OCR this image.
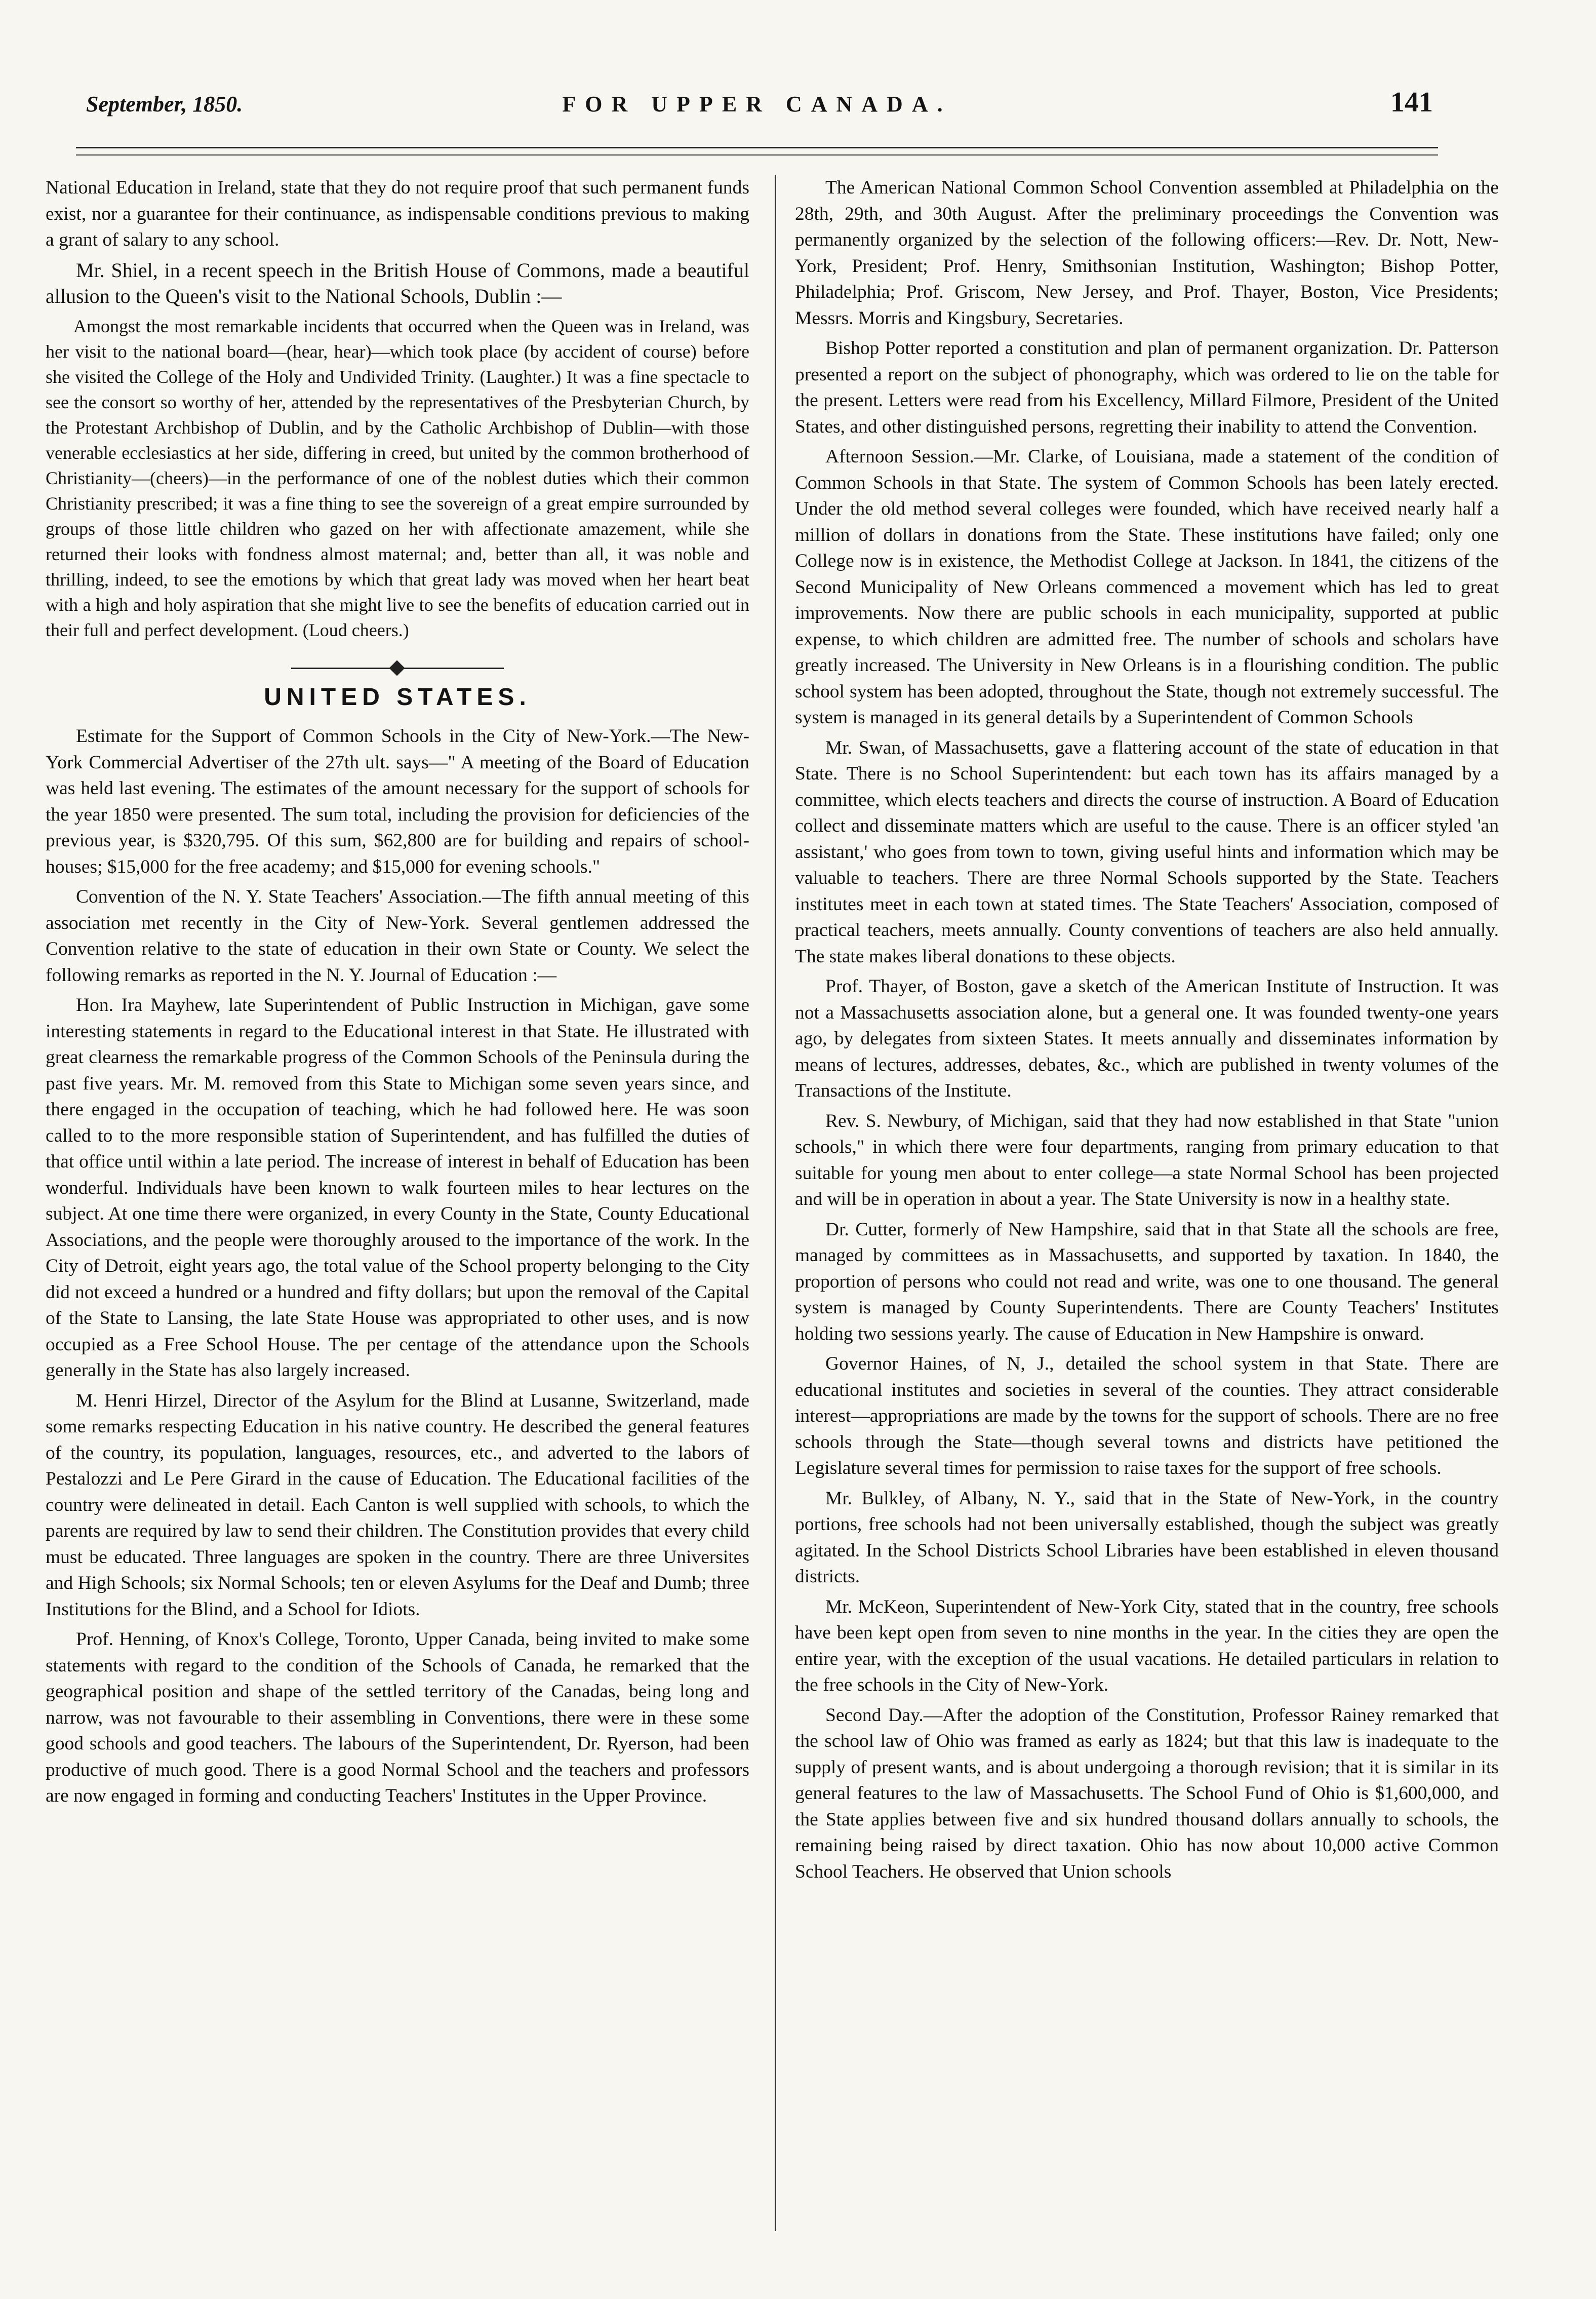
September, 1850.	FOR UPPER CANADA.	141

National Education in Ireland, state that they do not require proof that such permanent funds exist, nor a guarantee for their continuance, as indispensable conditions previous to making a grant of salary to any school.

Mr. Shiel, in a recent speech in the British House of Commons, made a beautiful allusion to the Queen's visit to the National Schools, Dublin :—

Amongst the most remarkable incidents that occurred when the Queen was in Ireland, was her visit to the national board—(hear, hear)—which took place (by accident of course) before she visited the College of the Holy and Undivided Trinity. (Laughter.) It was a fine spectacle to see the consort so worthy of her, attended by the representatives of the Presbyterian Church, by the Protestant Archbishop of Dublin, and by the Catholic Archbishop of Dublin—with those venerable ecclesiastics at her side, differing in creed, but united by the common brotherhood of Christianity—(cheers)—in the performance of one of the noblest duties which their common Christianity prescribed; it was a fine thing to see the sovereign of a great empire surrounded by groups of those little children who gazed on her with affectionate amazement, while she returned their looks with fondness almost maternal; and, better than all, it was noble and thrilling, indeed, to see the emotions by which that great lady was moved when her heart beat with a high and holy aspiration that she might live to see the benefits of education carried out in their full and perfect development. (Loud cheers.)

UNITED STATES.

Estimate for the Support of Common Schools in the City of New-York.—The New-York Commercial Advertiser of the 27th ult. says—" A meeting of the Board of Education was held last evening. The estimates of the amount necessary for the support of schools for the year 1850 were presented. The sum total, including the provision for deficiencies of the previous year, is $320,795. Of this sum, $62,800 are for building and repairs of school-houses; $15,000 for the free academy; and $15,000 for evening schools."

Convention of the N. Y. State Teachers' Association.—The fifth annual meeting of this association met recently in the City of New-York. Several gentlemen addressed the Convention relative to the state of education in their own State or County. We select the following remarks as reported in the N. Y. Journal of Education :—

Hon. Ira Mayhew, late Superintendent of Public Instruction in Michigan, gave some interesting statements in regard to the Educational interest in that State. He illustrated with great clearness the remarkable progress of the Common Schools of the Peninsula during the past five years. Mr. M. removed from this State to Michigan some seven years since, and there engaged in the occupation of teaching, which he had followed here. He was soon called to to the more responsible station of Superintendent, and has fulfilled the duties of that office until within a late period. The increase of interest in behalf of Education has been wonderful. Individuals have been known to walk fourteen miles to hear lectures on the subject. At one time there were organized, in every County in the State, County Educational Associations, and the people were thoroughly aroused to the importance of the work. In the City of Detroit, eight years ago, the total value of the School property belonging to the City did not exceed a hundred or a hundred and fifty dollars; but upon the removal of the Capital of the State to Lansing, the late State House was appropriated to other uses, and is now occupied as a Free School House. The per centage of the attendance upon the Schools generally in the State has also largely increased.

M. Henri Hirzel, Director of the Asylum for the Blind at Lusanne, Switzerland, made some remarks respecting Education in his native country. He described the general features of the country, its population, languages, resources, etc., and adverted to the labors of Pestalozzi and Le Pere Girard in the cause of Education. The Educational facilities of the country were delineated in detail. Each Canton is well supplied with schools, to which the parents are required by law to send their children. The Constitution provides that every child must be educated. Three languages are spoken in the country. There are three Universites and High Schools; six Normal Schools; ten or eleven Asylums for the Deaf and Dumb; three Institutions for the Blind, and a School for Idiots.

Prof. Henning, of Knox's College, Toronto, Upper Canada, being invited to make some statements with regard to the condition of the Schools of Canada, he remarked that the geographical position and shape of the settled territory of the Canadas, being long and narrow, was not favourable to their assembling in Conventions, there were in these some good schools and good teachers. The labours of the Superintendent, Dr. Ryerson, had been productive of much good. There is a good Normal School and the teachers and professors are now engaged in forming and conducting Teachers' Institutes in the Upper Province.

The American National Common School Convention assembled at Philadelphia on the 28th, 29th, and 30th August. After the preliminary proceedings the Convention was permanently organized by the selection of the following officers:—Rev. Dr. Nott, New-York, President; Prof. Henry, Smithsonian Institution, Washington; Bishop Potter, Philadelphia; Prof. Griscom, New Jersey, and Prof. Thayer, Boston, Vice Presidents; Messrs. Morris and Kingsbury, Secretaries.

Bishop Potter reported a constitution and plan of permanent organization. Dr. Patterson presented a report on the subject of phonography, which was ordered to lie on the table for the present. Letters were read from his Excellency, Millard Filmore, President of the United States, and other distinguished persons, regretting their inability to attend the Convention.

Afternoon Session.—Mr. Clarke, of Louisiana, made a statement of the condition of Common Schools in that State. The system of Common Schools has been lately erected. Under the old method several colleges were founded, which have received nearly half a million of dollars in donations from the State. These institutions have failed; only one College now is in existence, the Methodist College at Jackson. In 1841, the citizens of the Second Municipality of New Orleans commenced a movement which has led to great improvements. Now there are public schools in each municipality, supported at public expense, to which children are admitted free. The number of schools and scholars have greatly increased. The University in New Orleans is in a flourishing condition. The public school system has been adopted, throughout the State, though not extremely successful. The system is managed in its general details by a Superintendent of Common Schools

Mr. Swan, of Massachusetts, gave a flattering account of the state of education in that State. There is no School Superintendent: but each town has its affairs managed by a committee, which elects teachers and directs the course of instruction. A Board of Education collect and disseminate matters which are useful to the cause. There is an officer styled 'an assistant,' who goes from town to town, giving useful hints and information which may be valuable to teachers. There are three Normal Schools supported by the State. Teachers institutes meet in each town at stated times. The State Teachers' Association, composed of practical teachers, meets annually. County conventions of teachers are also held annually. The state makes liberal donations to these objects.

Prof. Thayer, of Boston, gave a sketch of the American Institute of Instruction. It was not a Massachusetts association alone, but a general one. It was founded twenty-one years ago, by delegates from sixteen States. It meets annually and disseminates information by means of lectures, addresses, debates, &c., which are published in twenty volumes of the Transactions of the Institute.

Rev. S. Newbury, of Michigan, said that they had now established in that State "union schools," in which there were four departments, ranging from primary education to that suitable for young men about to enter college—a state Normal School has been projected and will be in operation in about a year. The State University is now in a healthy state.

Dr. Cutter, formerly of New Hampshire, said that in that State all the schools are free, managed by committees as in Massachusetts, and supported by taxation. In 1840, the proportion of persons who could not read and write, was one to one thousand. The general system is managed by County Superintendents. There are County Teachers' Institutes holding two sessions yearly. The cause of Education in New Hampshire is onward.

Governor Haines, of N, J., detailed the school system in that State. There are educational institutes and societies in several of the counties. They attract considerable interest—appropriations are made by the towns for the support of schools. There are no free schools through the State—though several towns and districts have petitioned the Legislature several times for permission to raise taxes for the support of free schools.

Mr. Bulkley, of Albany, N. Y., said that in the State of New-York, in the country portions, free schools had not been universally established, though the subject was greatly agitated. In the School Districts School Libraries have been established in eleven thousand districts.

Mr. McKeon, Superintendent of New-York City, stated that in the country, free schools have been kept open from seven to nine months in the year. In the cities they are open the entire year, with the exception of the usual vacations. He detailed particulars in relation to the free schools in the City of New-York.

Second Day.—After the adoption of the Constitution, Professor Rainey remarked that the school law of Ohio was framed as early as 1824; but that this law is inadequate to the supply of present wants, and is about undergoing a thorough revision; that it is similar in its general features to the law of Massachusetts. The School Fund of Ohio is $1,600,000, and the State applies between five and six hundred thousand dollars annually to schools, the remaining being raised by direct taxation. Ohio has now about 10,000 active Common School Teachers. He observed that Union schools
